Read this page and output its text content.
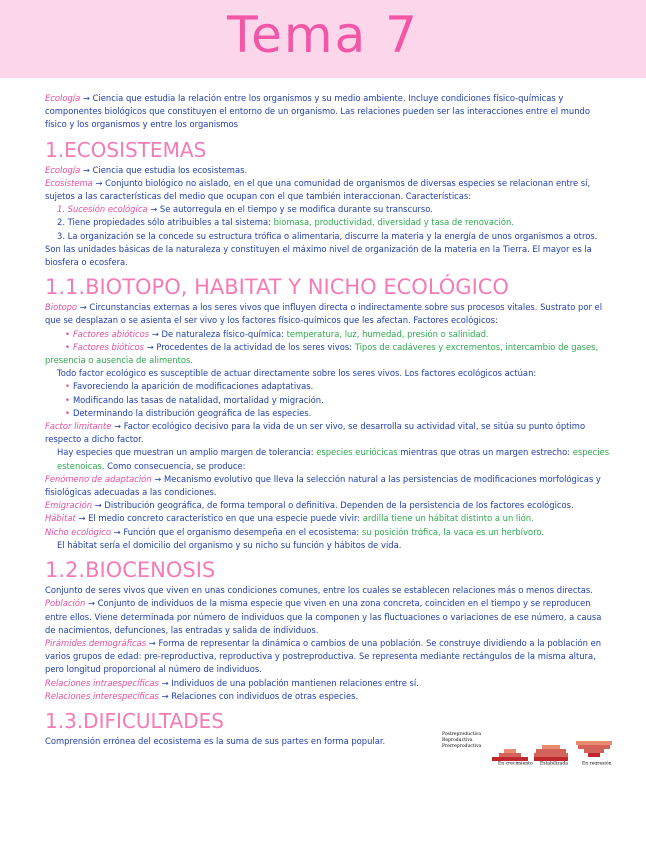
Tema 7

Ecología → Ciencia que estudia la relación entre los organismos y su medio ambiente. Incluye condiciones físico-químicas y componentes biológicos que constituyen el entorno de un organismo. Las relaciones pueden ser las interacciones entre el mundo físico y los organismos y entre los organismos

1.ECOSISTEMAS

Ecología → Ciencia que estudia los ecosistemas.

Ecosistema → Conjunto biológico no aislado, en el que una comunidad de organismos de diversas especies se relacionan entre sí, sujetos a las características del medio que ocupan con el que también interaccionan. Características:

1. Sucesión ecológica → Se autorregula en el tiempo y se modifica durante su transcurso.

2. Tiene propiedades sólo atribuibles a tal sistema: biomasa, productividad, diversidad y tasa de renovación.

3. La organización se la concede su estructura trófica o alimentaria, discurre la materia y la energía de unos organismos a otros.

Son las unidades básicas de la naturaleza y constituyen el máximo nivel de organización de la materia en la Tierra. El mayor es la biosfera o ecosfera.

1.1.BIOTOPO, HABITAT Y NICHO ECOLÓGICO

Biotopo → Circunstancias externas a los seres vivos que influyen directa o indirectamente sobre sus procesos vitales. Sustrato por el que se desplazan o se asienta el ser vivo y los factores físico-químicos que les afectan. Factores ecológicos:

• Factores abióticos → De naturaleza físico-química: temperatura, luz, humedad, presión o salinidad.

• Factores bióticos → Procedentes de la actividad de los seres vivos: Tipos de cadáveres y excrementos, intercambio de gases,

presencia o ausencia de alimentos.

Todo factor ecológico es susceptible de actuar directamente sobre los seres vivos. Los factores ecológicos actúan:

• Favoreciendo la aparición de modificaciones adaptativas.

• Modificando las tasas de natalidad, mortalidad y migración.

• Determinando la distribución geográfica de las especies.

Factor limitante → Factor ecológico decisivo para la vida de un ser vivo, se desarrolla su actividad vital, se sitúa su punto óptimo respecto a dicho factor.

Hay especies que muestran un amplio margen de tolerancia: especies euriócicas mientras que otras un margen estrecho: especies estenoicas. Como consecuencia, se produce:

Fenómeno de adaptación → Mecanismo evolutivo que lleva la selección natural a las persistencias de modificaciones morfológicas y fisiológicas adecuadas a las condiciones.

Emigración → Distribución geográfica, de forma temporal o definitiva. Dependen de la persistencia de los factores ecológicos.

Hábitat → El medio concreto característico en que una especie puede vivir: ardilla tiene un hábitat distinto a un lión.

Nicho ecológico → Función que el organismo desempeña en el ecosistema: su posición trófica, la vaca es un herbívoro.

El hábitat sería el domicilio del organismo y su nicho su función y hábitos de vida.

1.2.BIOCENOSIS

Conjunto de seres vivos que viven en unas condiciones comunes, entre los cuales se establecen relaciones más o menos directas.

Población → Conjunto de individuos de la misma especie que viven en una zona concreta, coinciden en el tiempo y se reproducen entre ellos. Viene determinada por número de individuos que la componen y las fluctuaciones o variaciones de ese número, a causa de nacimientos, defunciones, las entradas y salida de individuos.

Pirámides demográficas → Forma de representar la dinámica o cambios de una población. Se construye dividiendo a la población en varios grupos de edad: pre-reproductiva, reproductiva y postreproductiva. Se representa mediante rectángulos de la misma altura, pero longitud proporcional al número de individuos.

Relaciones intraespecíficas → Individuos de una población mantienen relaciones entre sí.

Relaciones interespecíficas → Relaciones con individuos de otras especies.

1.3.DIFICULTADES

Comprensión errónea del ecosistema es la suma de sus partes en forma popular.

Postreproductiva
Reproductiva
Prerreproductiva
En crecimiento Estabilizada	En regresión
